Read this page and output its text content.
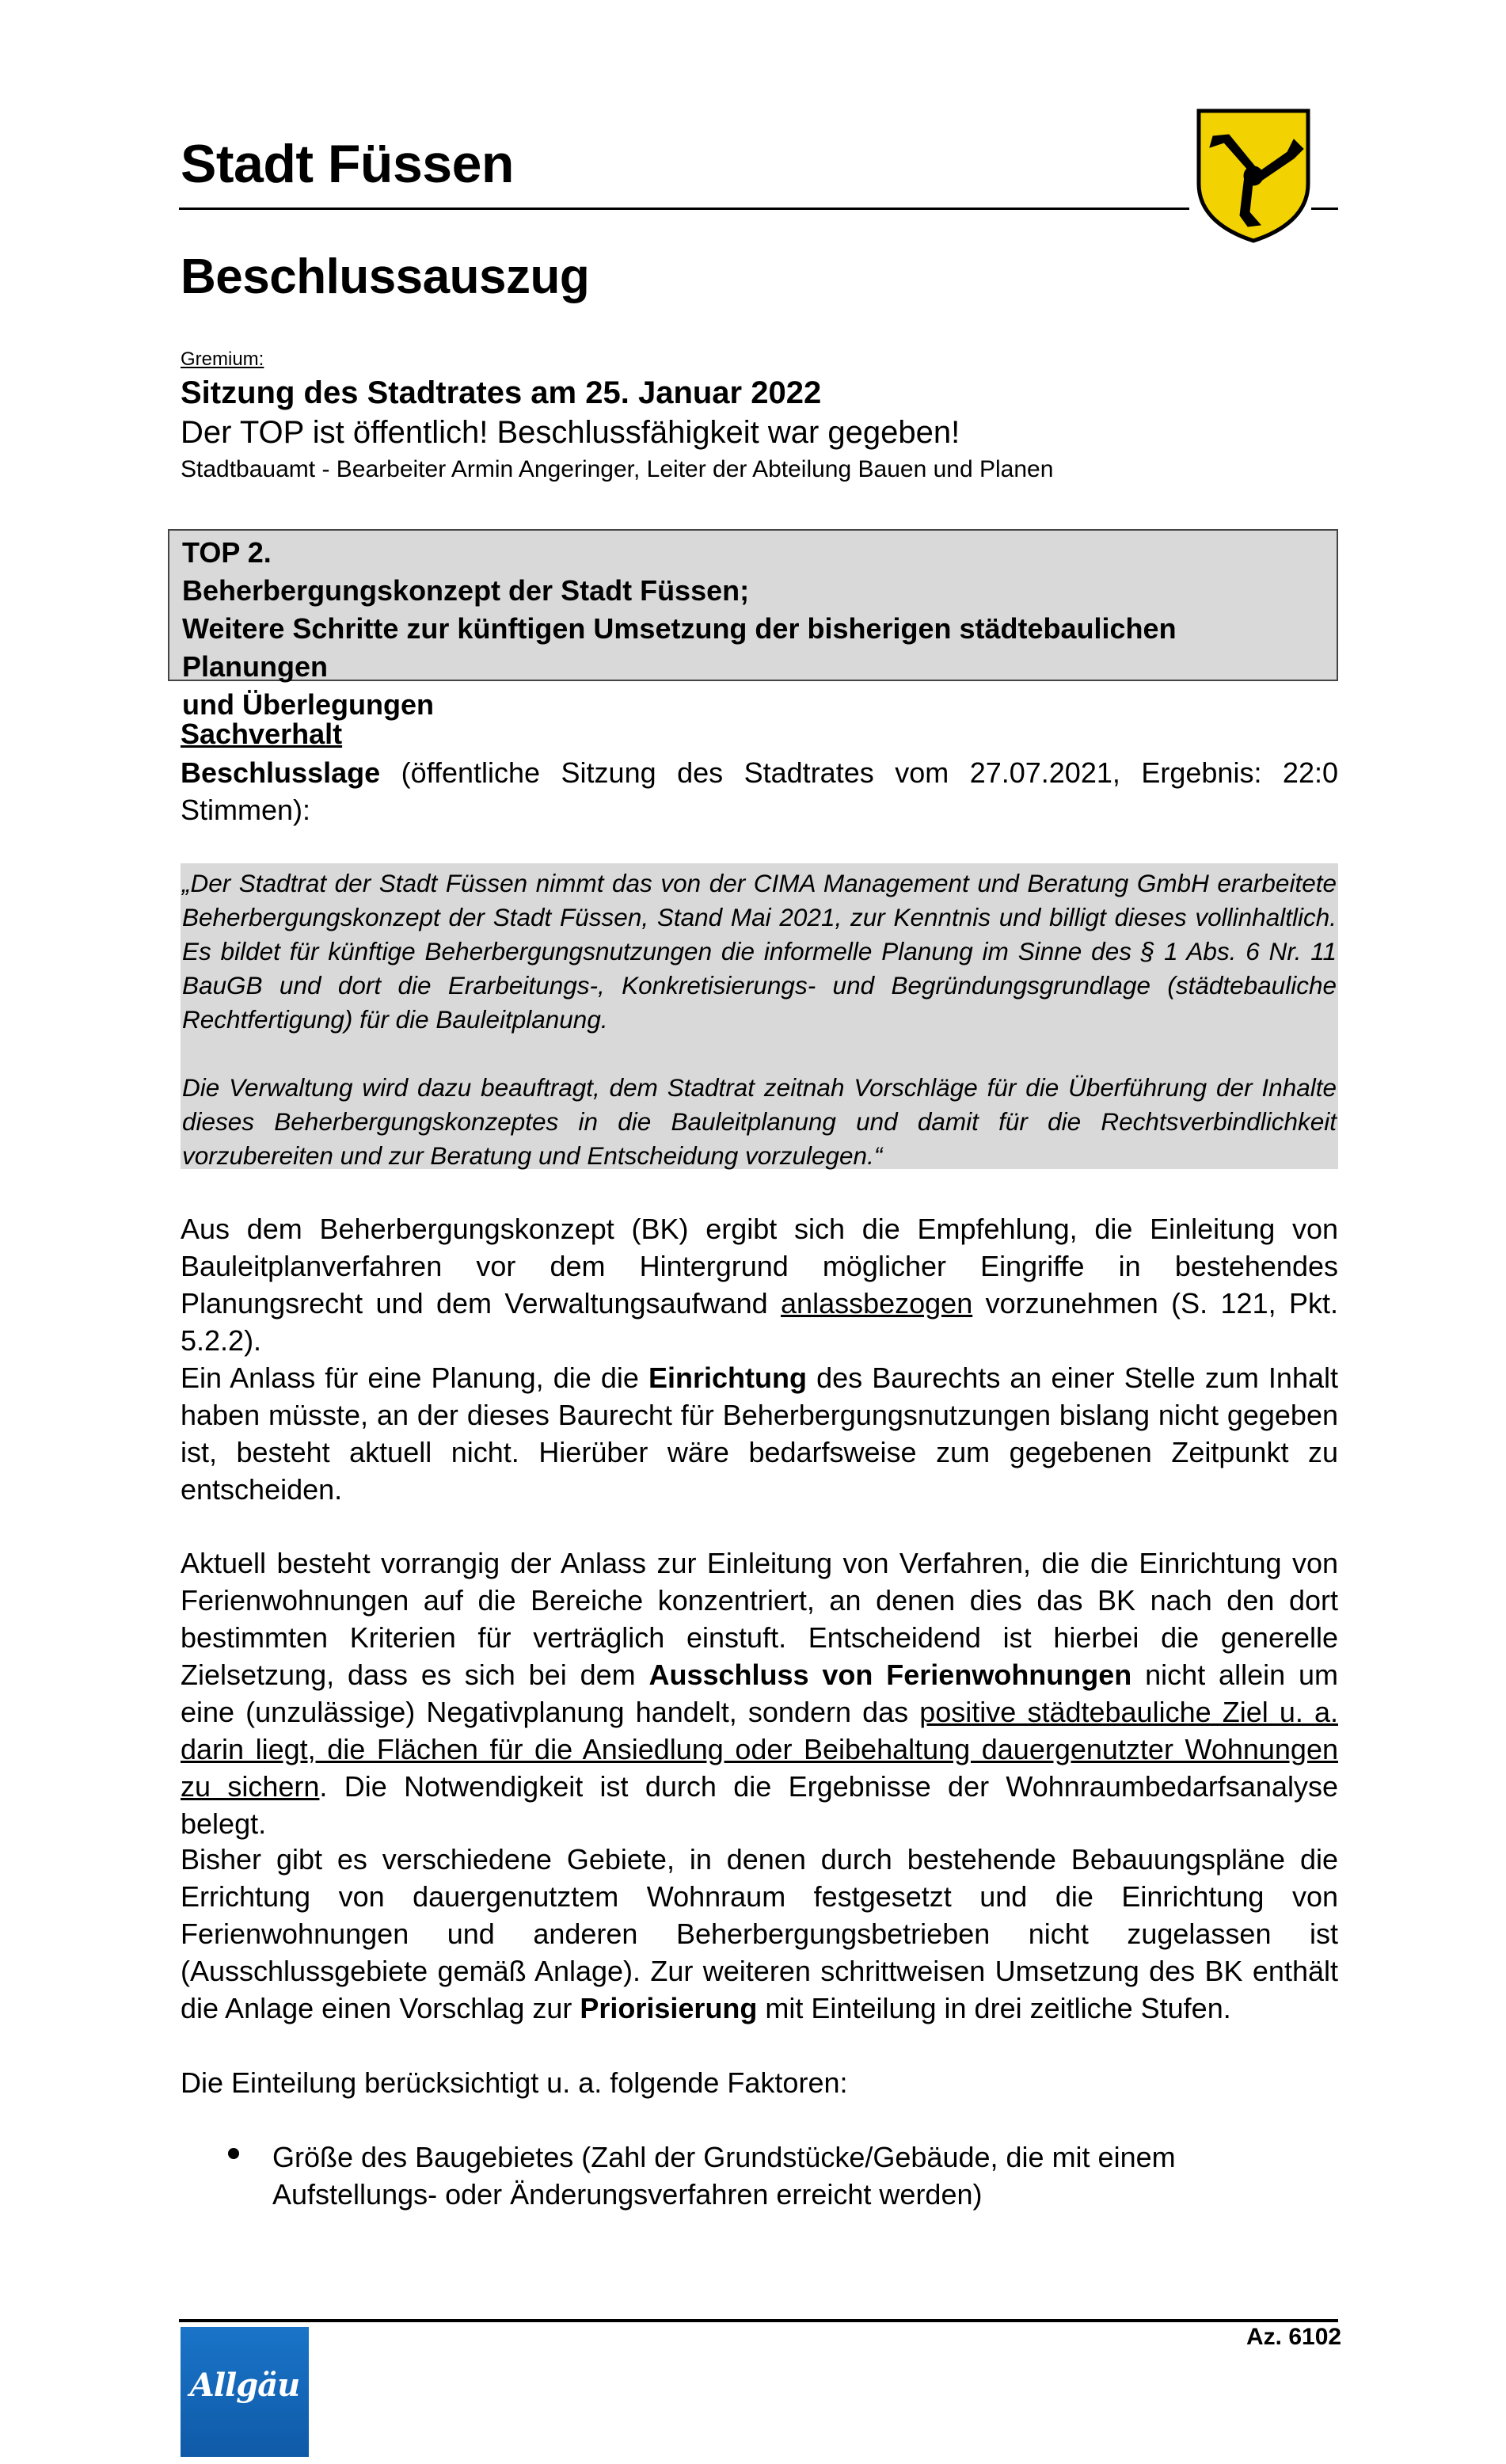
Stadt Füssen
Beschlussauszug
Gremium:
Sitzung des Stadtrates am 25. Januar 2022
Der TOP ist öffentlich! Beschlussfähigkeit war gegeben!
Stadtbauamt - Bearbeiter Armin Angeringer, Leiter der Abteilung Bauen und Planen
TOP 2.
Beherbergungskonzept der Stadt Füssen;
Weitere Schritte zur künftigen Umsetzung der bisherigen städtebaulichen Planungen
und Überlegungen
Sachverhalt
Beschlusslage (öffentliche Sitzung des Stadtrates vom 27.07.2021, Ergebnis: 22:0 Stimmen):

„Der Stadtrat der Stadt Füssen nimmt das von der CIMA Management und Beratung GmbH erarbeitete Beherbergungskonzept der Stadt Füssen, Stand Mai 2021, zur Kenntnis und billigt dieses vollinhaltlich. Es bildet für künftige Beherbergungsnutzungen die informelle Planung im Sinne des § 1 Abs. 6 Nr. 11 BauGB und dort die Erarbeitungs-, Konkretisierungs- und Begründungsgrundlage (städtebauliche Rechtfertigung) für die Bauleitplanung.

Die Verwaltung wird dazu beauftragt, dem Stadtrat zeitnah Vorschläge für die Überführung der Inhalte dieses Beherbergungskonzeptes in die Bauleitplanung und damit für die Rechtsverbindlichkeit vorzubereiten und zur Beratung und Entscheidung vorzulegen.“

Aus dem Beherbergungskonzept (BK) ergibt sich die Empfehlung, die Einleitung von Bauleitplanverfahren vor dem Hintergrund möglicher Eingriffe in bestehendes Planungsrecht und dem Verwaltungsaufwand anlassbezogen vorzunehmen (S. 121, Pkt. 5.2.2).
Ein Anlass für eine Planung, die die Einrichtung des Baurechts an einer Stelle zum Inhalt haben müsste, an der dieses Baurecht für Beherbergungsnutzungen bislang nicht gegeben ist, besteht aktuell nicht. Hierüber wäre bedarfsweise zum gegebenen Zeitpunkt zu entscheiden.
Aktuell besteht vorrangig der Anlass zur Einleitung von Verfahren, die die Einrichtung von Ferienwohnungen auf die Bereiche konzentriert, an denen dies das BK nach den dort bestimmten Kriterien für verträglich einstuft. Entscheidend ist hierbei die generelle Zielsetzung, dass es sich bei dem Ausschluss von Ferienwohnungen nicht allein um eine (unzulässige) Negativplanung handelt, sondern das positive städtebauliche Ziel u. a. darin liegt, die Flächen für die Ansiedlung oder Beibehaltung dauergenutzter Wohnungen zu sichern. Die Notwendigkeit ist durch die Ergebnisse der Wohnraumbedarfsanalyse belegt.
Bisher gibt es verschiedene Gebiete, in denen durch bestehende Bebauungspläne die Errichtung von dauergenutztem Wohnraum festgesetzt und die Einrichtung von Ferienwohnungen und anderen Beherbergungsbetrieben nicht zugelassen ist (Ausschlussgebiete gemäß Anlage). Zur weiteren schrittweisen Umsetzung des BK enthält die Anlage einen Vorschlag zur Priorisierung mit Einteilung in drei zeitliche Stufen.
Die Einteilung berücksichtigt u. a. folgende Faktoren:
Größe des Baugebietes (Zahl der Grundstücke/Gebäude, die mit einem Aufstellungs- oder Änderungsverfahren erreicht werden)
Az. 6102
Allgäu
